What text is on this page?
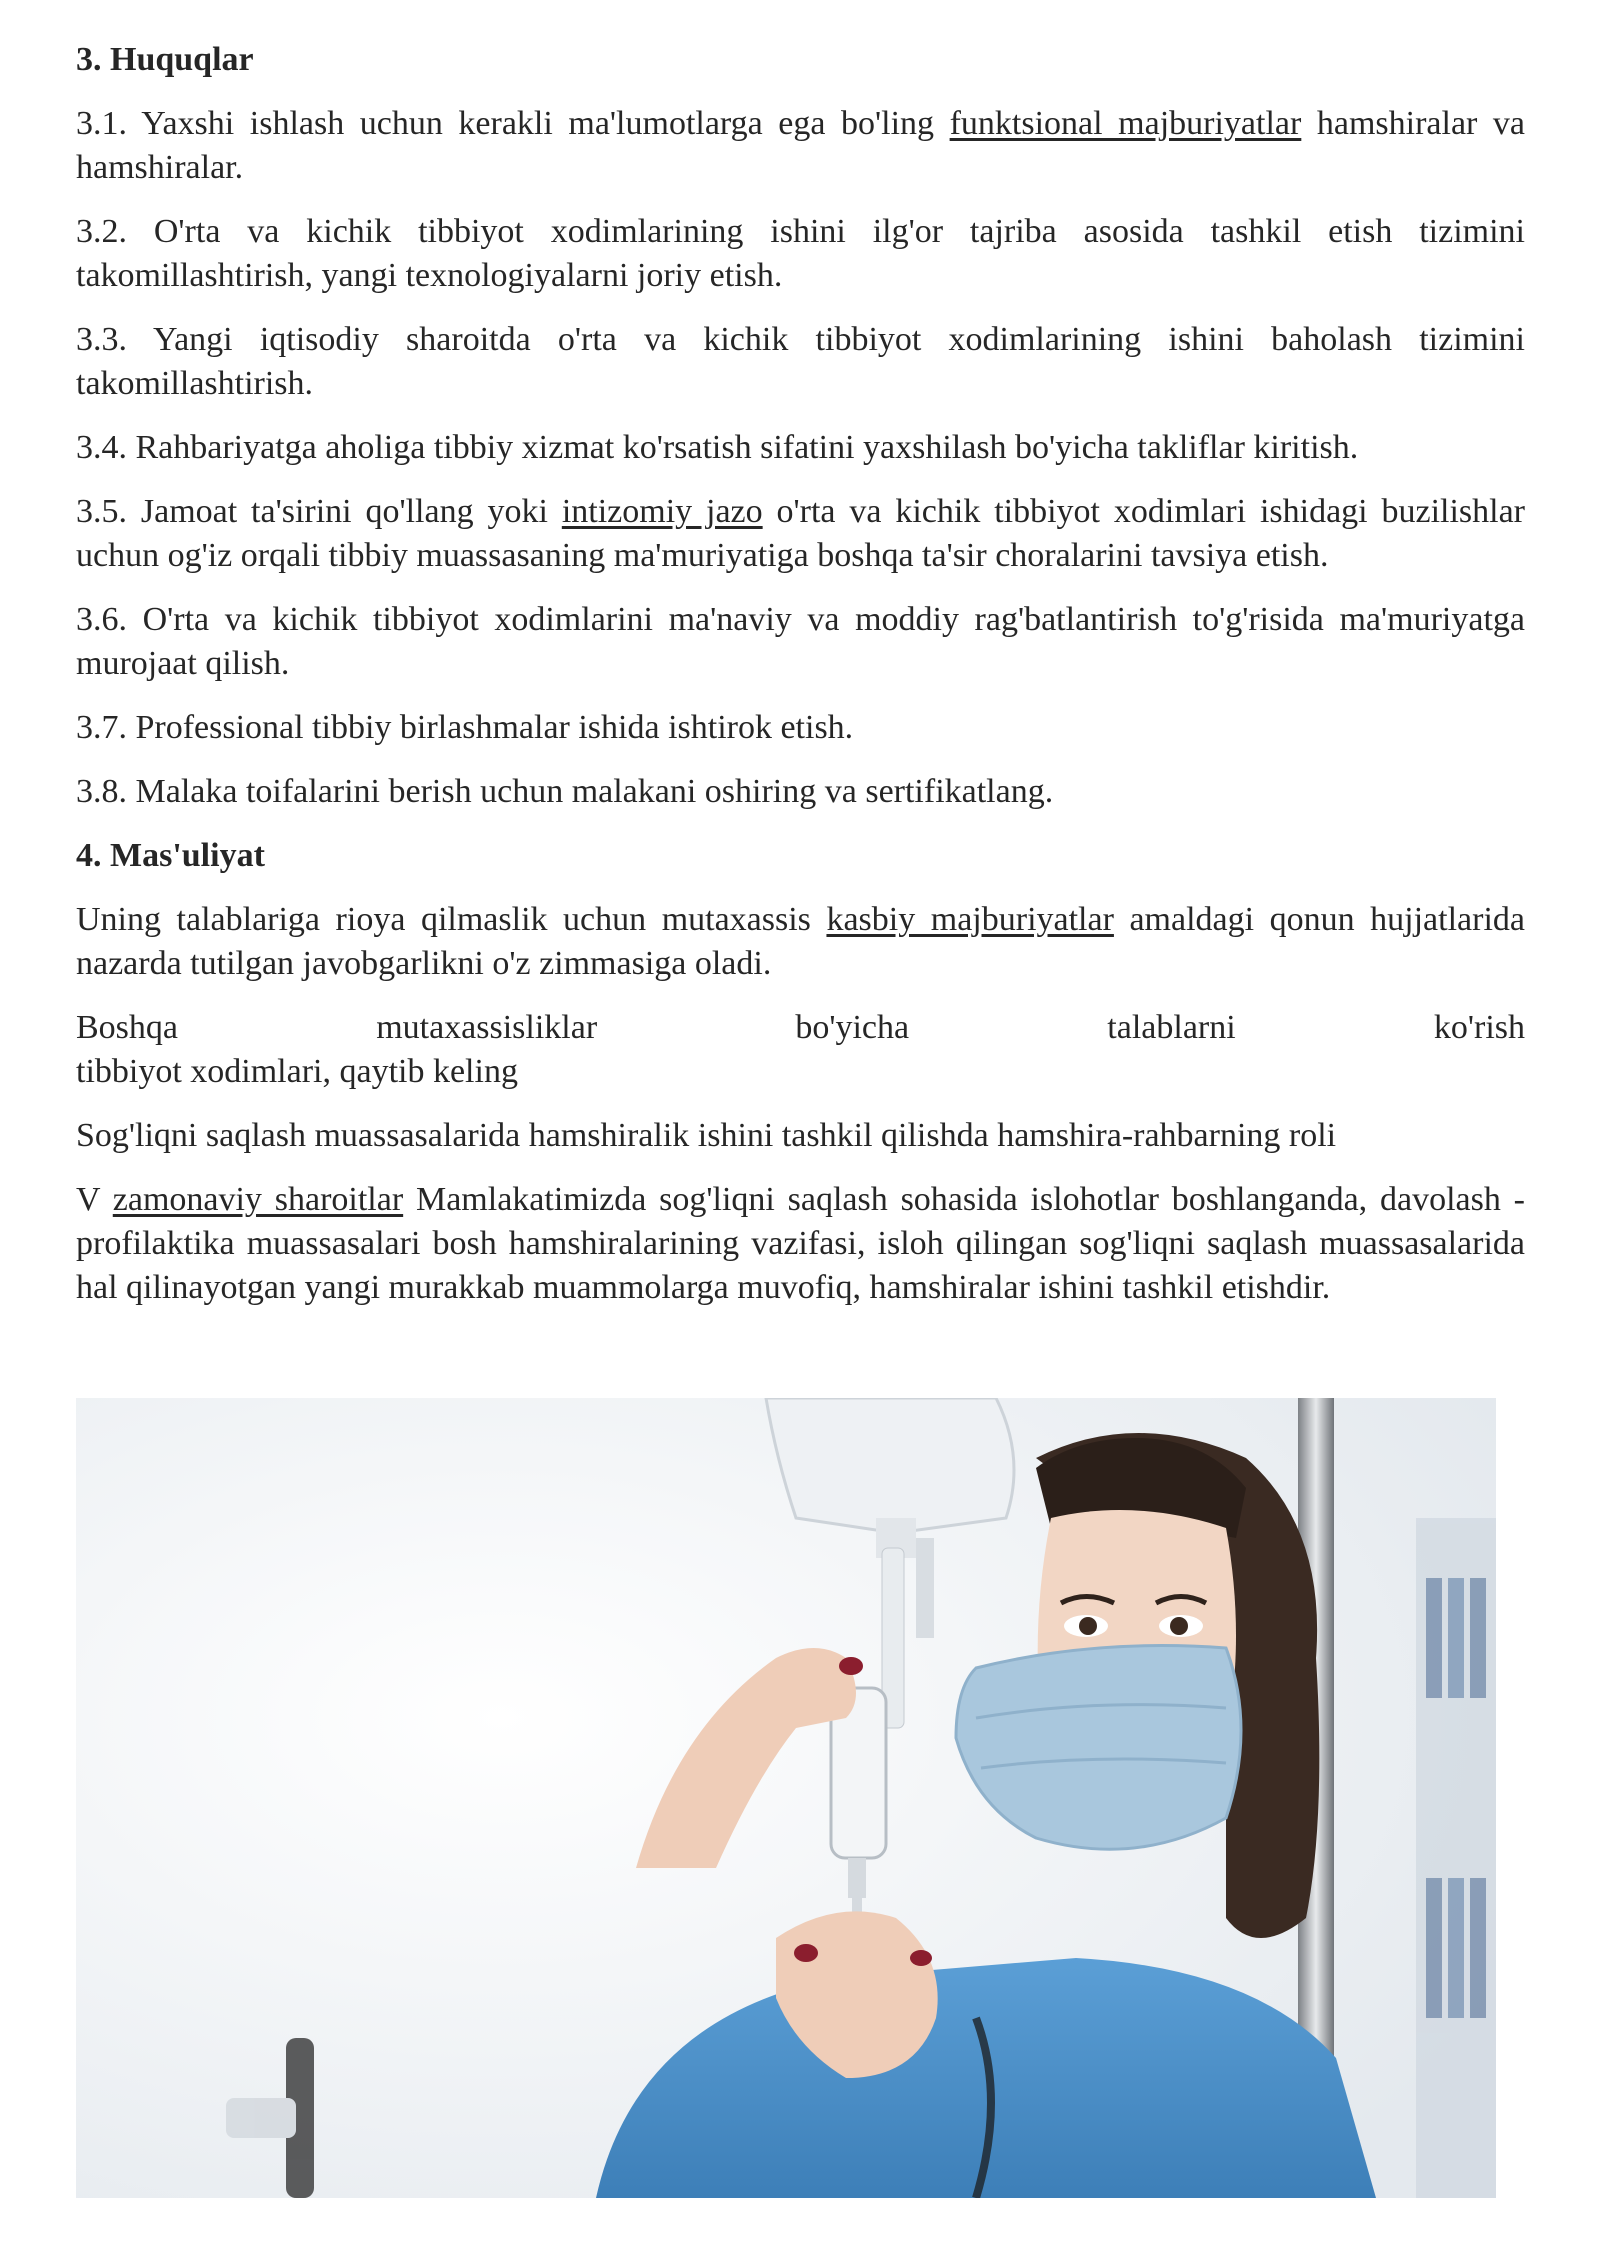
3. Huquqlar

3.1. Yaxshi ishlash uchun kerakli ma'lumotlarga ega bo'ling funktsional majburiyatlar hamshiralar va hamshiralar.

3.2. O'rta va kichik tibbiyot xodimlarining ishini ilg'or tajriba asosida tashkil etish tizimini takomillashtirish, yangi texnologiyalarni joriy etish.

3.3. Yangi iqtisodiy sharoitda o'rta va kichik tibbiyot xodimlarining ishini baholash tizimini takomillashtirish.

3.4. Rahbariyatga aholiga tibbiy xizmat ko'rsatish sifatini yaxshilash bo'yicha takliflar kiritish.

3.5. Jamoat ta'sirini qo'llang yoki intizomiy jazo o'rta va kichik tibbiyot xodimlari ishidagi buzilishlar uchun og'iz orqali tibbiy muassasaning ma'muriyatiga boshqa ta'sir choralarini tavsiya etish.

3.6. O'rta va kichik tibbiyot xodimlarini ma'naviy va moddiy rag'batlantirish to'g'risida ma'muriyatga murojaat qilish.

3.7. Professional tibbiy birlashmalar ishida ishtirok etish.

3.8. Malaka toifalarini berish uchun malakani oshiring va sertifikatlang.

4. Mas'uliyat

Uning talablariga rioya qilmaslik uchun mutaxassis kasbiy majburiyatlar amaldagi qonun hujjatlarida nazarda tutilgan javobgarlikni o'z zimmasiga oladi.

Boshqa mutaxassisliklar bo'yicha talablarni ko'rish
tibbiyot xodimlari, qaytib keling

Sog'liqni saqlash muassasalarida hamshiralik ishini tashkil qilishda hamshira-rahbarning roli

V zamonaviy sharoitlar Mamlakatimizda sog'liqni saqlash sohasida islohotlar boshlanganda, davolash -profilaktika muassasalari bosh hamshiralarining vazifasi, isloh qilingan sog'liqni saqlash muassasalarida hal qilinayotgan yangi murakkab muammolarga muvofiq, hamshiralar ishini tashkil etishdir.
